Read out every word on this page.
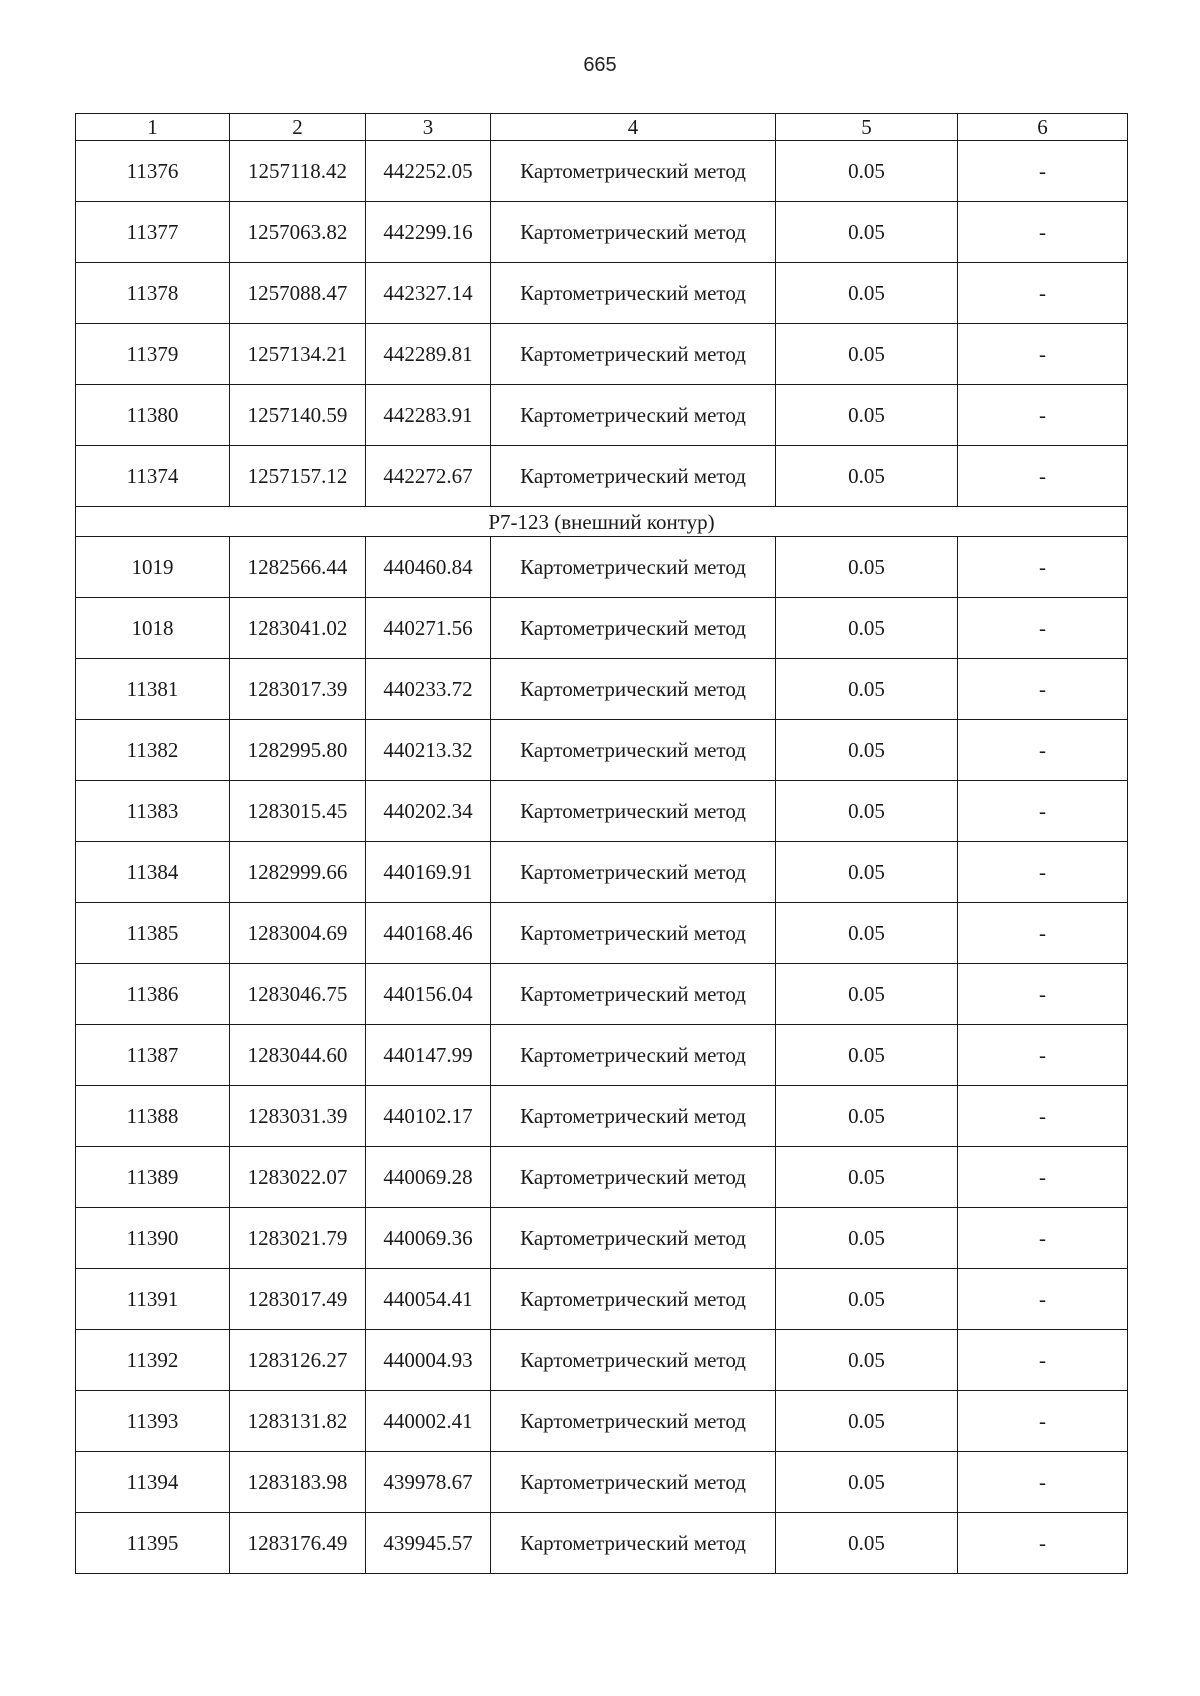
665
1	2	3	4	5	6
11376	1257118.42	442252.05	Картометрический метод	0.05	-
11377	1257063.82	442299.16	Картометрический метод	0.05	-
11378	1257088.47	442327.14	Картометрический метод	0.05	-
11379	1257134.21	442289.81	Картометрический метод	0.05	-
11380	1257140.59	442283.91	Картометрический метод	0.05	-
11374	1257157.12	442272.67	Картометрический метод	0.05	-
Р7-123 (внешний контур)					
1019	1282566.44	440460.84	Картометрический метод	0.05	-
1018	1283041.02	440271.56	Картометрический метод	0.05	-
11381	1283017.39	440233.72	Картометрический метод	0.05	-
11382	1282995.80	440213.32	Картометрический метод	0.05	-
11383	1283015.45	440202.34	Картометрический метод	0.05	-
11384	1282999.66	440169.91	Картометрический метод	0.05	-
11385	1283004.69	440168.46	Картометрический метод	0.05	-
11386	1283046.75	440156.04	Картометрический метод	0.05	-
11387	1283044.60	440147.99	Картометрический метод	0.05	-
11388	1283031.39	440102.17	Картометрический метод	0.05	-
11389	1283022.07	440069.28	Картометрический метод	0.05	-
11390	1283021.79	440069.36	Картометрический метод	0.05	-
11391	1283017.49	440054.41	Картометрический метод	0.05	-
11392	1283126.27	440004.93	Картометрический метод	0.05	-
11393	1283131.82	440002.41	Картометрический метод	0.05	-
11394	1283183.98	439978.67	Картометрический метод	0.05	-
11395	1283176.49	439945.57	Картометрический метод	0.05	-
